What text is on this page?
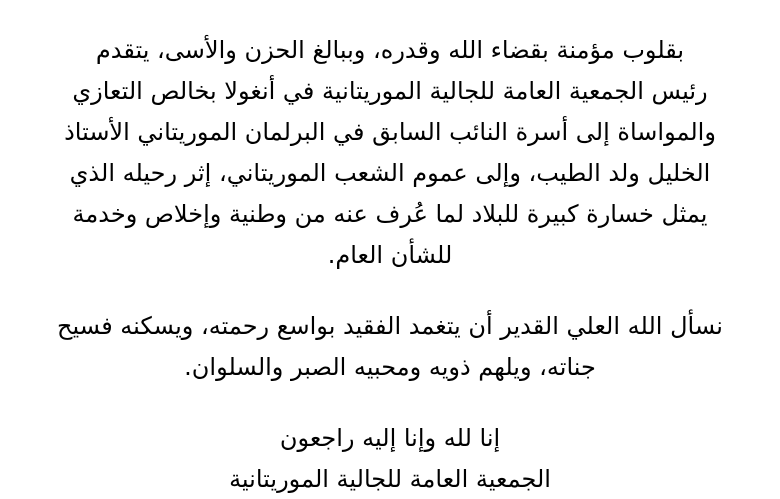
بقلوب مؤمنة بقضاء الله وقدره، وببالغ الحزن والأسى، يتقدم
رئيس الجمعية العامة للجالية الموريتانية في أنغولا بخالص التعازي
والمواساة إلى أسرة النائب السابق في البرلمان الموريتاني الأستاذ
الخليل ولد الطيب، وإلى عموم الشعب الموريتاني، إثر رحيله الذي
يمثل خسارة كبيرة للبلاد لما عُرف عنه من وطنية وإخلاص وخدمة
للشأن العام.
نسأل الله العلي القدير أن يتغمد الفقيد بواسع رحمته، ويسكنه فسيح
جناته، ويلهم ذويه ومحبيه الصبر والسلوان.
إنا لله وإنا إليه راجعون
الجمعية العامة للجالية الموريتانية
